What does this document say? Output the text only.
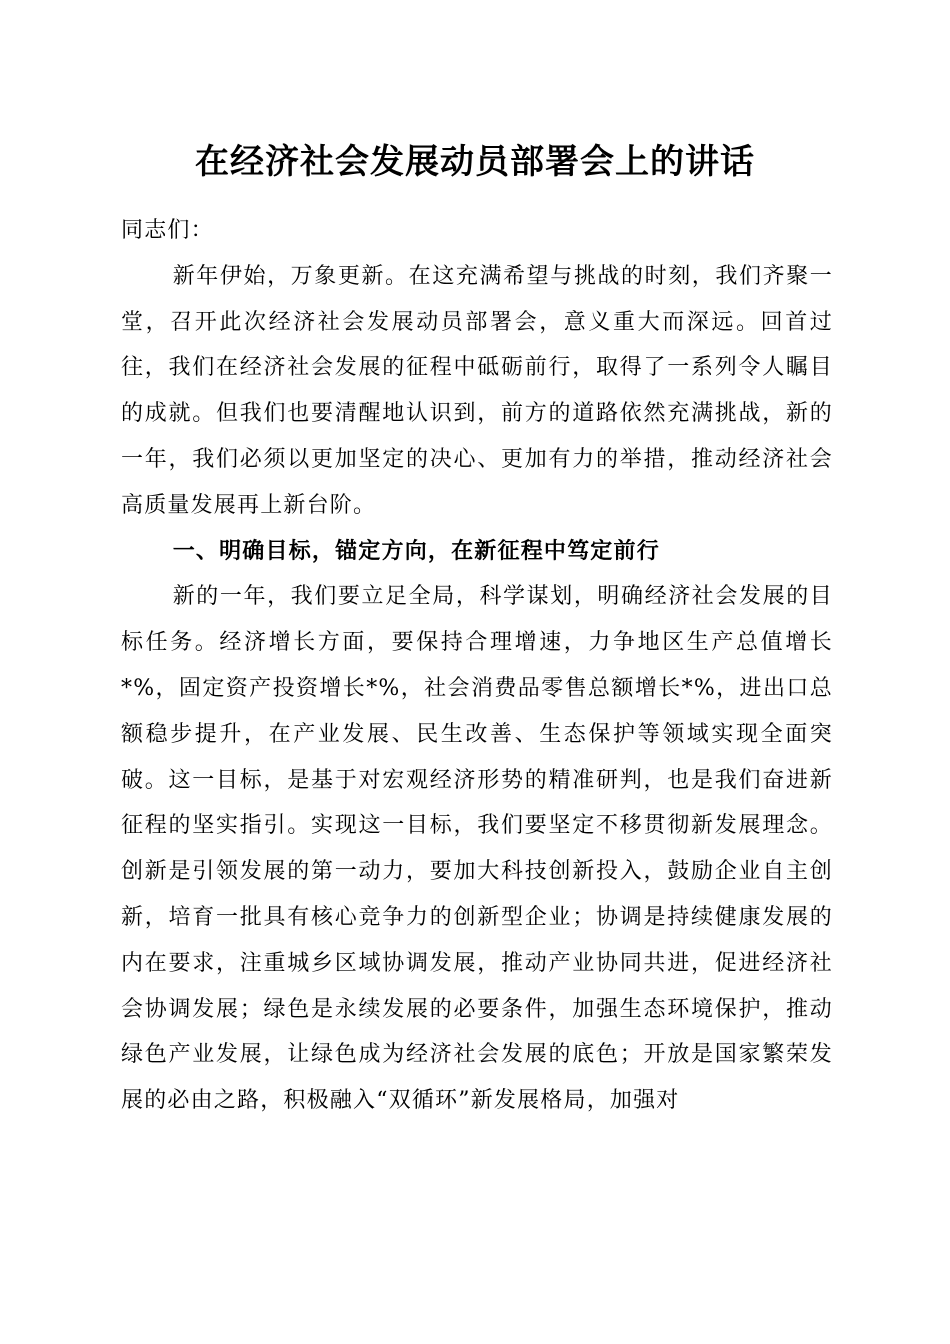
在经济社会发展动员部署会上的讲话

同志们：

新年伊始，万象更新。在这充满希望与挑战的时刻，我们齐聚一堂，召开此次经济社会发展动员部署会，意义重大而深远。回首过往，我们在经济社会发展的征程中砥砺前行，取得了一系列令人瞩目的成就。但我们也要清醒地认识到，前方的道路依然充满挑战，新的一年，我们必须以更加坚定的决心、更加有力的举措，推动经济社会高质量发展再上新台阶。

一、明确目标，锚定方向，在新征程中笃定前行

新的一年，我们要立足全局，科学谋划，明确经济社会发展的目标任务。经济增长方面，要保持合理增速，力争地区生产总值增长*%，固定资产投资增长*%，社会消费品零售总额增长*%，进出口总额稳步提升，在产业发展、民生改善、生态保护等领域实现全面突破。这一目标，是基于对宏观经济形势的精准研判，也是我们奋进新征程的坚实指引。实现这一目标，我们要坚定不移贯彻新发展理念。创新是引领发展的第一动力，要加大科技创新投入，鼓励企业自主创新，培育一批具有核心竞争力的创新型企业；协调是持续健康发展的内在要求，注重城乡区域协调发展，推动产业协同共进，促进经济社会协调发展；绿色是永续发展的必要条件，加强生态环境保护，推动绿色产业发展，让绿色成为经济社会发展的底色；开放是国家繁荣发展的必由之路，积极融入“双循环”新发展格局，加强对
